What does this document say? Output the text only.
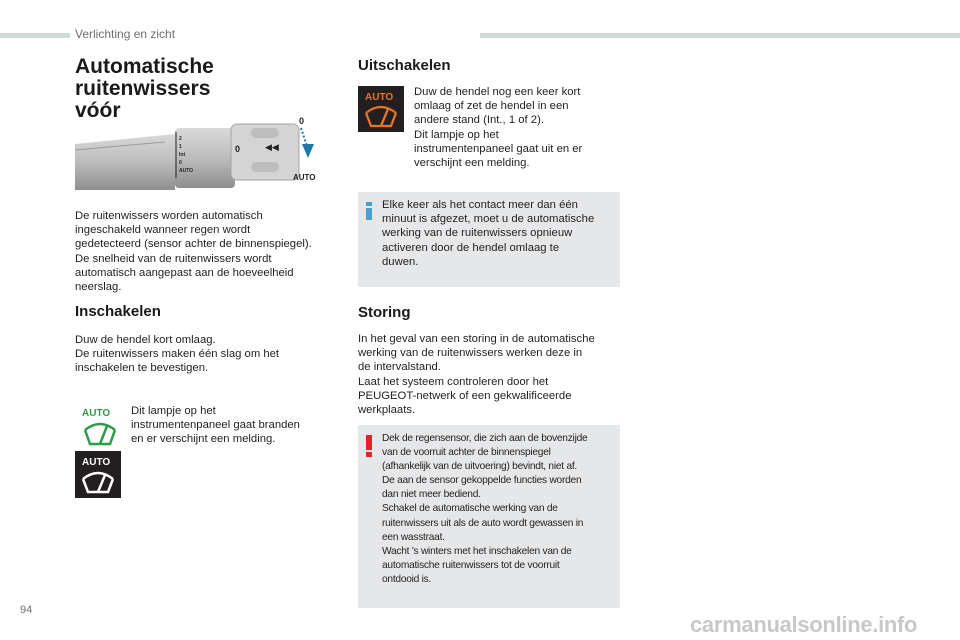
Verlichting en zicht
Automatische ruitenwissers
vóór
2
1
Int
0
AUTO
0	◀◀
0
AUTO
De ruitenwissers worden automatisch
ingeschakeld wanneer regen wordt
gedetecteerd (sensor achter de binnenspiegel).
De snelheid van de ruitenwissers wordt
automatisch aangepast aan de hoeveelheid
neerslag.
Inschakelen
Duw de hendel kort omlaag.
De ruitenwissers maken één slag om het
inschakelen te bevestigen.
AUTO
AUTO
Dit lampje op het
instrumentenpaneel gaat branden
en er verschijnt een melding.
Uitschakelen
AUTO Duw de hendel nog een keer kort
omlaag of zet de hendel in een
andere stand (Int., 1 of 2).
Dit lampje op het
instrumentenpaneel gaat uit en er
verschijnt een melding.
Elke keer als het contact meer dan één
minuut is afgezet, moet u de automatische
werking van de ruitenwissers opnieuw
activeren door de hendel omlaag te
duwen.
Storing
In het geval van een storing in de automatische
werking van de ruitenwissers werken deze in
de intervalstand.
Laat het systeem controleren door het
PEUGEOT-netwerk of een gekwalificeerde
werkplaats.
Dek de regensensor, die zich aan de bovenzijde
van de voorruit achter de binnenspiegel
(afhankelijk van de uitvoering) bevindt, niet af.
De aan de sensor gekoppelde functies worden
dan niet meer bediend.
Schakel de automatische werking van de
ruitenwissers uit als de auto wordt gewassen in
een wasstraat.
Wacht 's winters met het inschakelen van de
automatische ruitenwissers tot de voorruit
ontdooid is.
94
carmanualsonline.info
